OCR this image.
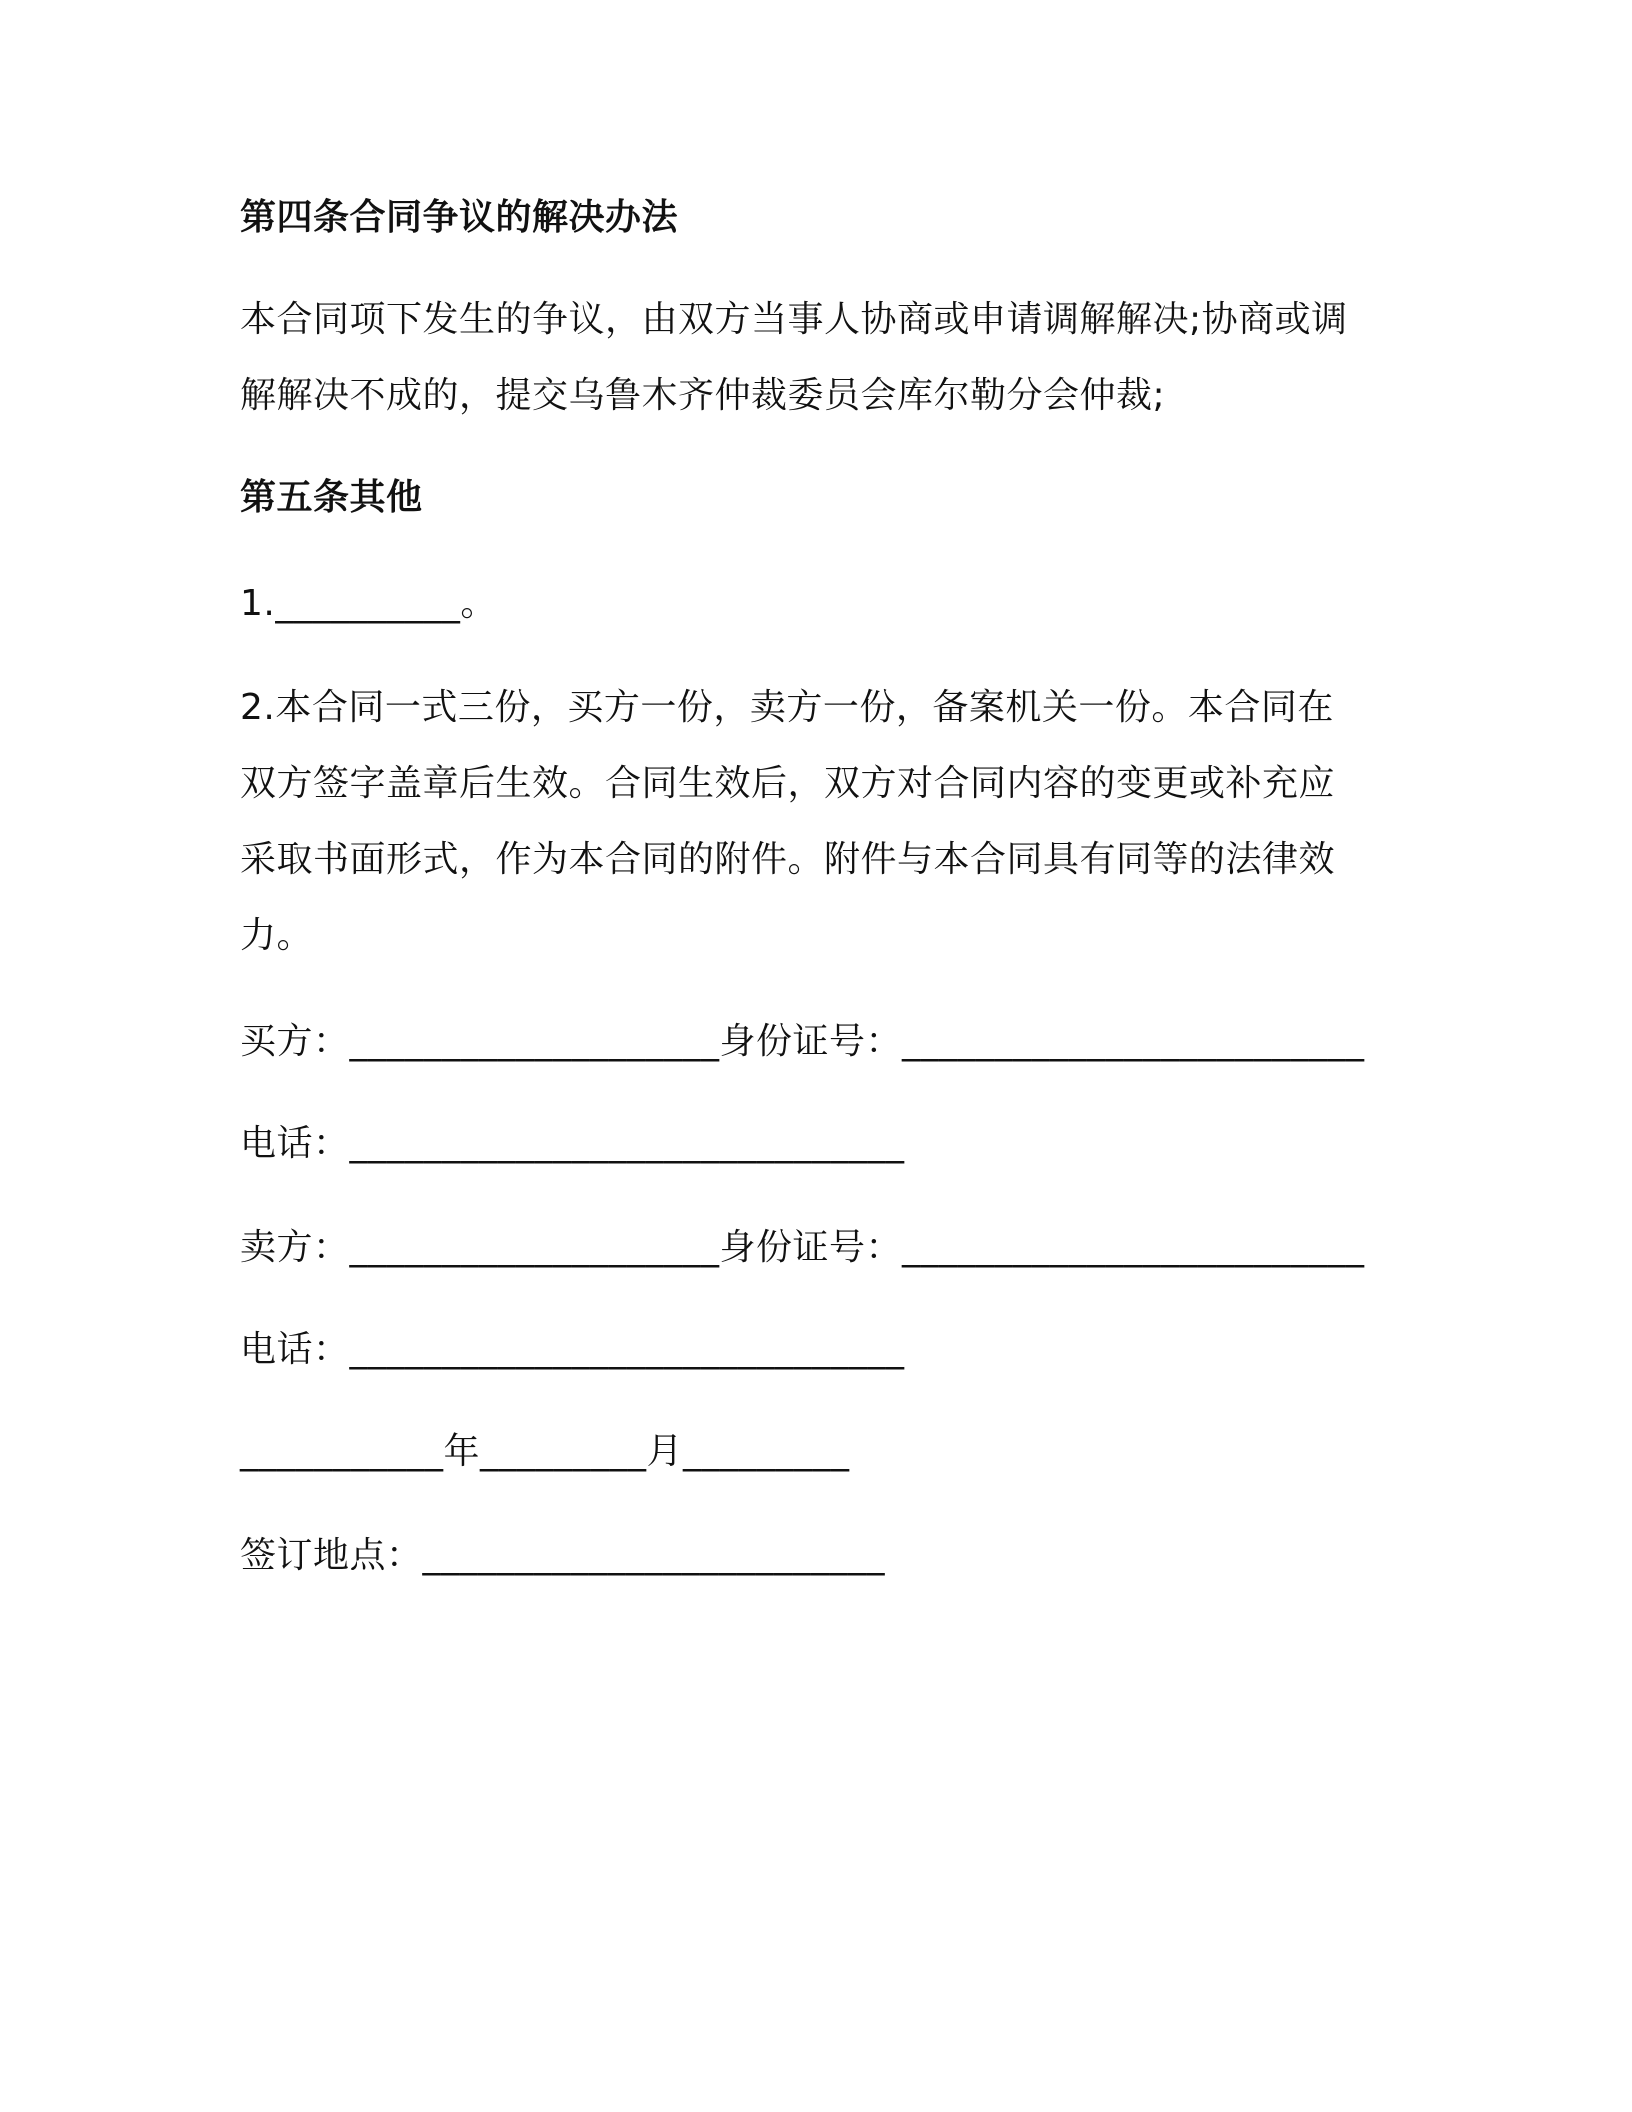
第四条合同争议的解决办法
本合同项下发生的争议，由双方当事人协商或申请调解解决;协商或调
解解决不成的，提交乌鲁木齐仲裁委员会库尔勒分会仲裁;
第五条其他
1.__________。
2.本合同一式三份，买方一份，卖方一份，备案机关一份。本合同在
双方签字盖章后生效。合同生效后，双方对合同内容的变更或补充应
采取书面形式，作为本合同的附件。附件与本合同具有同等的法律效
力。
买方：____________________身份证号：_________________________
电话：______________________________
卖方：____________________身份证号：_________________________
电话：______________________________
___________年_________月_________
签订地点：_________________________
